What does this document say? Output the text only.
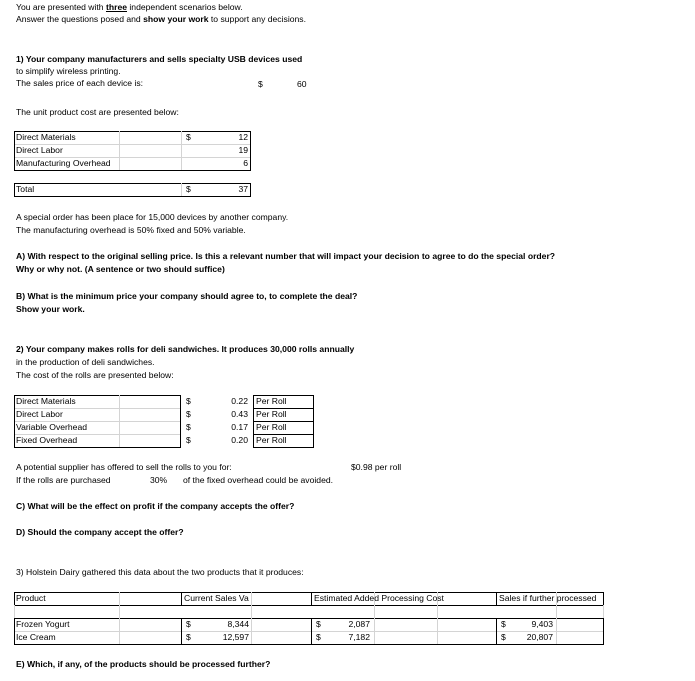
You are presented with three independent scenarios below.
Answer the questions posed and show your work to support any decisions.
1) Your company manufacturers and sells specialty USB devices used
to simplify wireless printing.
The sales price of each device is:	$	60
The unit product cost are presented below:
Direct Materials	$	12
Direct Labor	19
Manufacturing Overhead	6
Total	$	37
A special order has been place for 15,000 devices by another company.
The manufacturing overhead is 50% fixed and 50% variable.
A) With respect to the original selling price. Is this a relevant number that will impact your decision to agree to do the special order?
Why or why not. (A sentence or two should suffice)
B) What is the minimum price your company should agree to, to complete the deal?
Show your work.
2) Your company makes rolls for deli sandwiches. It produces 30,000 rolls annually
in the production of deli sandwiches.
The cost of the rolls are presented below:
Direct Materials	$	0.22 Per Roll
Direct Labor	$	0.43 Per Roll
Variable Overhead	$	0.17 Per Roll
Fixed Overhead	$	0.20 Per Roll
A potential supplier has offered to sell the rolls to you for:	$0.98 per roll
If the rolls are purchased	30% of the fixed overhead could be avoided.
C) What will be the effect on profit if the company accepts the offer?
D) Should the company accept the offer?
3) Holstein Dairy gathered this data about the two products that it produces:
Product	Current Sales Va	Estimated Added Processing Cost	Sales if further processed
Frozen Yogurt	$	8,344	$	2,087	$	9,403
Ice Cream	$	12,597	$	7,182	$	20,807
E) Which, if any, of the products should be processed further?
